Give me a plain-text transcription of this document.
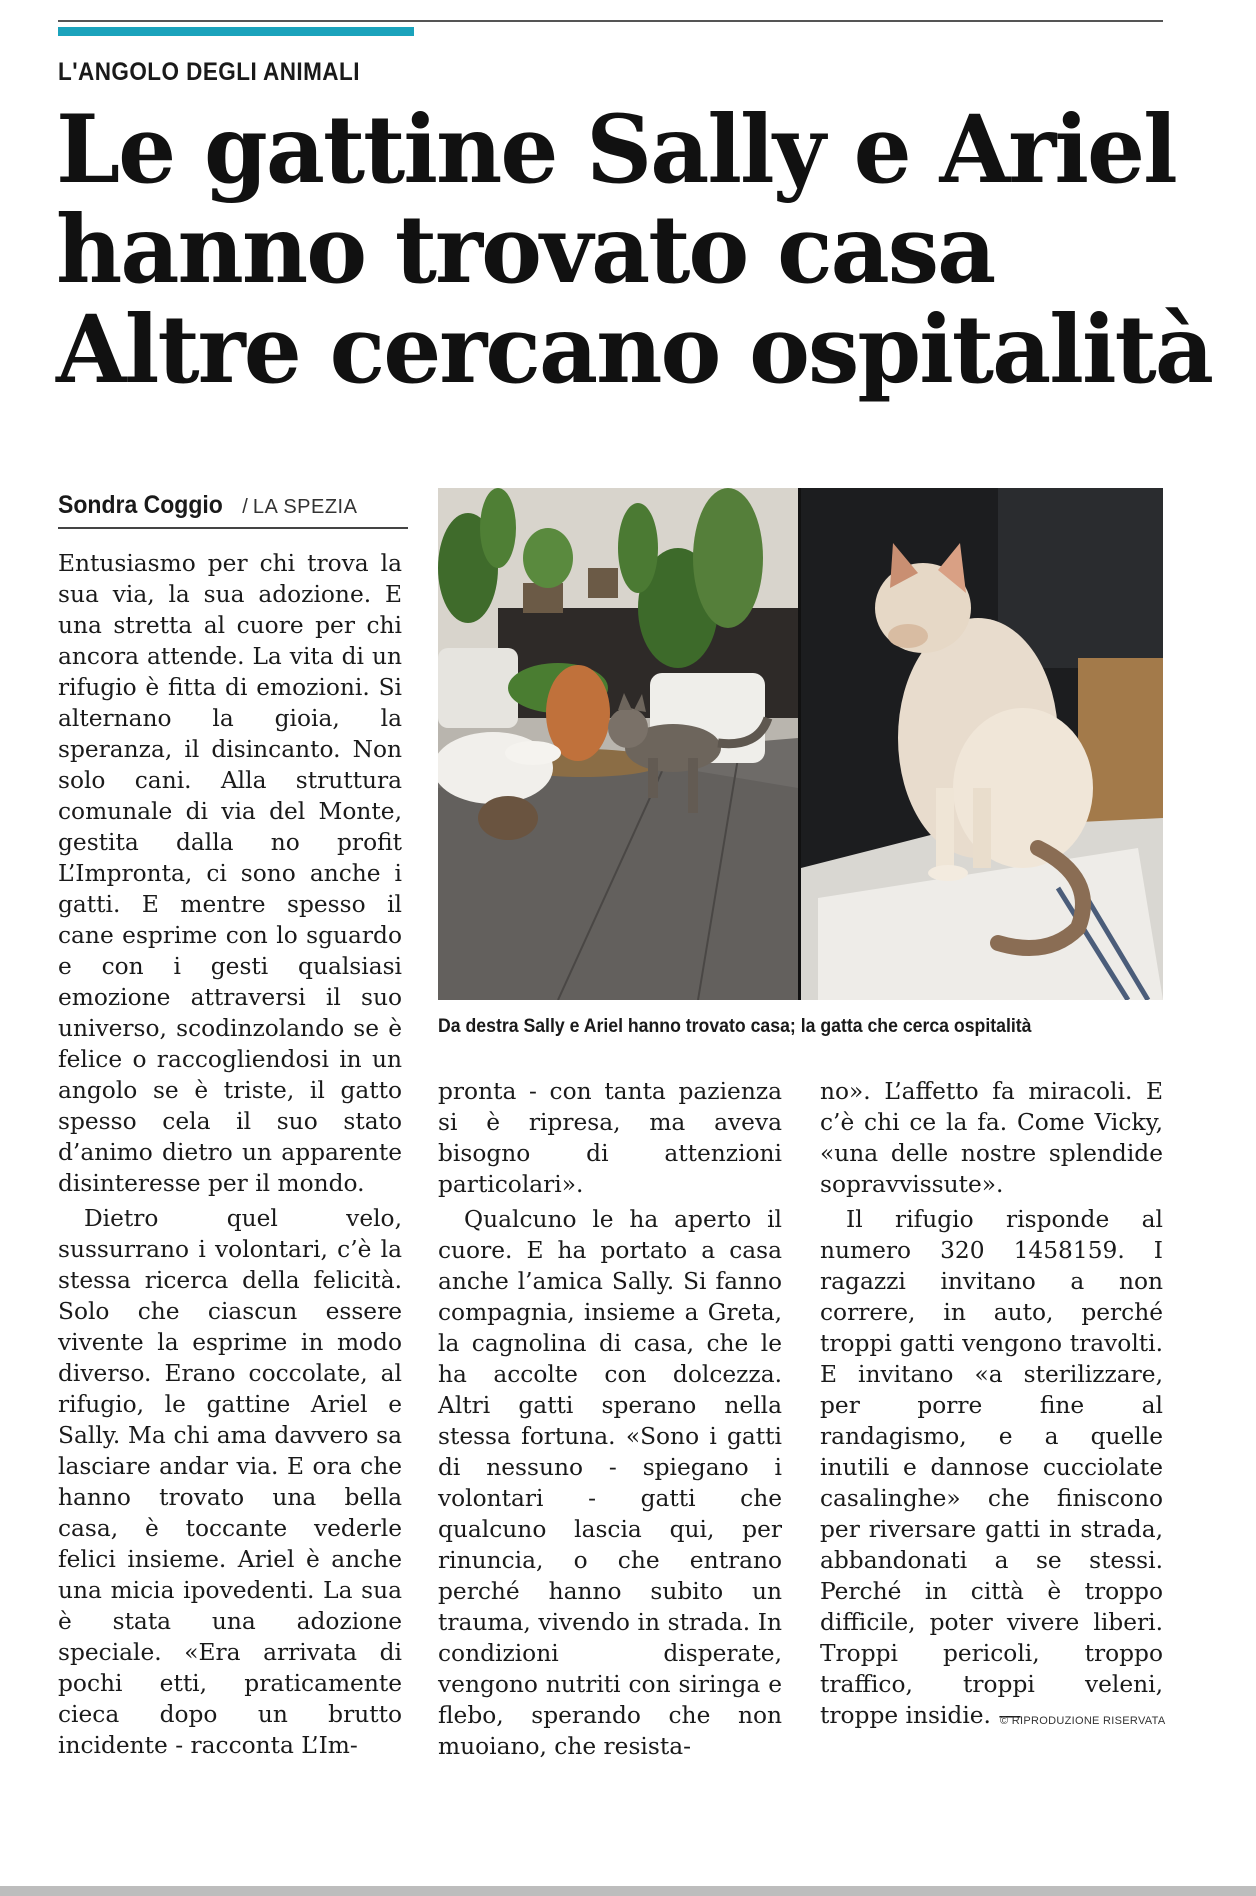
L'ANGOLO DEGLI ANIMALI
Le gattine Sally e Ariel
hanno trovato casa
Altre cercano ospitalità
Sondra Coggio / LA SPEZIA
Da destra Sally e Ariel hanno trovato casa; la gatta che cerca ospitalità

Entusiasmo per chi trova la sua via, la sua adozione. E una stretta al cuore per chi ancora attende. La vita di un rifugio è fitta di emozioni. Si alternano la gioia, la speranza, il disincanto. Non solo cani. Alla struttura comunale di via del Monte, gestita dalla no profit L’Impronta, ci sono anche i gatti. E mentre spesso il cane esprime con lo sguardo e con i gesti qualsiasi emozione attraversi il suo universo, scodinzolando se è felice o raccogliendosi in un angolo se è triste, il gatto spesso cela il suo stato d’animo dietro un apparente disinteresse per il mondo.

Dietro quel velo, sussurrano i volontari, c’è la stessa ricerca della felicità. Solo che ciascun essere vivente la esprime in modo diverso. Erano coccolate, al rifugio, le gattine Ariel e Sally. Ma chi ama davvero sa lasciare andar via. E ora che hanno trovato una bella casa, è toccante vederle felici insieme. Ariel è anche una micia ipovedenti. La sua è stata una adozione speciale. «Era arrivata di pochi etti, praticamente cieca dopo un brutto incidente - racconta L’Im-

pronta - con tanta pazienza si è ripresa, ma aveva bisogno di attenzioni particolari».

Qualcuno le ha aperto il cuore. E ha portato a casa anche l’amica Sally. Si fanno compagnia, insieme a Greta, la cagnolina di casa, che le ha accolte con dolcezza. Altri gatti sperano nella stessa fortuna. «Sono i gatti di nessuno - spiegano i volontari - gatti che qualcuno lascia qui, per rinuncia, o che entrano perché hanno subito un trauma, vivendo in strada. In condizioni disperate, vengono nutriti con siringa e flebo, sperando che non muoiano, che resista-

no». L’affetto fa miracoli. E c’è chi ce la fa. Come Vicky, «una delle nostre splendide sopravvissute».

Il rifugio risponde al numero 320 1458159. I ragazzi invitano a non correre, in auto, perché troppi gatti vengono travolti. E invitano «a sterilizzare, per porre fine al randagismo, e a quelle inutili e dannose cucciolate casalinghe» che finiscono per riversare gatti in strada, abbandonati a se stessi. Perché in città è troppo difficile, poter vivere liberi. Troppi pericoli, troppo traffico, troppi veleni, troppe insidie. —

© RIPRODUZIONE RISERVATA
